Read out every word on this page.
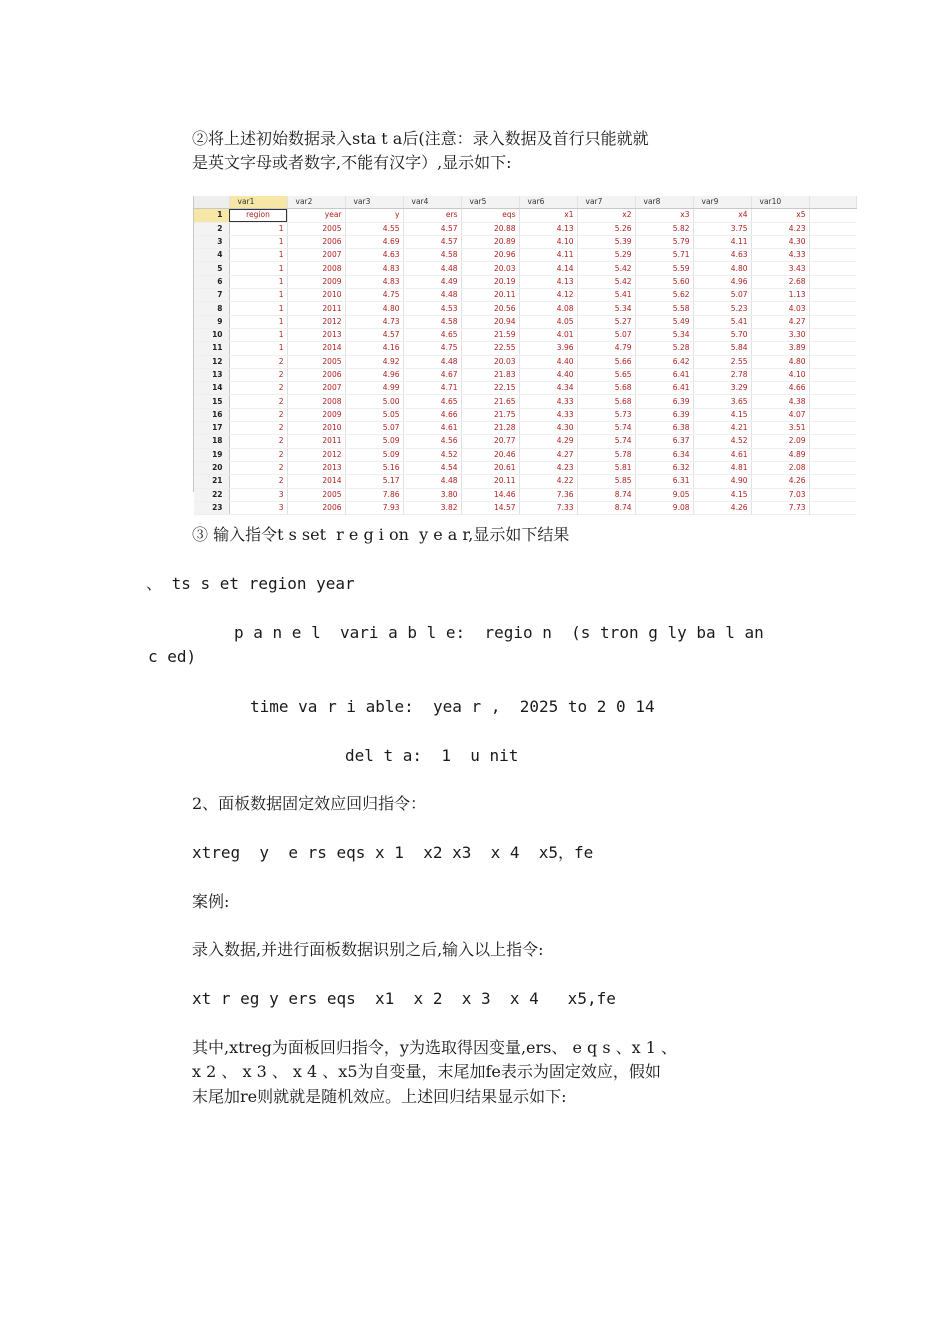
②将上述初始数据录入sta t a后(注意：录入数据及首行只能就就

是英文字母或者数字,不能有汉字）,显示如下:

	var1	var2	var3	var4	var5	var6	var7	var8	var9	var10	
1	region	year	y	ers	eqs	x1	x2	x3	x4	x5	
2	1	2005	4.55	4.57	20.88	4.13	5.26	5.82	3.75	4.23	
3	1	2006	4.69	4.57	20.89	4.10	5.39	5.79	4.11	4.30	
4	1	2007	4.63	4.58	20.96	4.11	5.29	5.71	4.63	4.33	
5	1	2008	4.83	4.48	20.03	4.14	5.42	5.59	4.80	3.43	
6	1	2009	4.83	4.49	20.19	4.13	5.42	5.60	4.96	2.68	
7	1	2010	4.75	4.48	20.11	4.12	5.41	5.62	5.07	1.13	
8	1	2011	4.80	4.53	20.56	4.08	5.34	5.58	5.23	4.03	
9	1	2012	4.73	4.58	20.94	4.05	5.27	5.49	5.41	4.27	
10	1	2013	4.57	4.65	21.59	4.01	5.07	5.34	5.70	3.30	
11	1	2014	4.16	4.75	22.55	3.96	4.79	5.28	5.84	3.89	
12	2	2005	4.92	4.48	20.03	4.40	5.66	6.42	2.55	4.80	
13	2	2006	4.96	4.67	21.83	4.40	5.65	6.41	2.78	4.10	
14	2	2007	4.99	4.71	22.15	4.34	5.68	6.41	3.29	4.66	
15	2	2008	5.00	4.65	21.65	4.33	5.68	6.39	3.65	4.38	
16	2	2009	5.05	4.66	21.75	4.33	5.73	6.39	4.15	4.07	
17	2	2010	5.07	4.61	21.28	4.30	5.74	6.38	4.21	3.51	
18	2	2011	5.09	4.56	20.77	4.29	5.74	6.37	4.52	2.09	
19	2	2012	5.09	4.52	20.46	4.27	5.78	6.34	4.61	4.89	
20	2	2013	5.16	4.54	20.61	4.23	5.81	6.32	4.81	2.08	
21	2	2014	5.17	4.48	20.11	4.22	5.85	6.31	4.90	4.26	
22	3	2005	7.86	3.80	14.46	7.36	8.74	9.05	4.15	7.03	
23	3	2006	7.93	3.82	14.57	7.33	8.74	9.08	4.26	7.73	

③ 输入指令t s set  r e g i on  y e a r,显示如下结果

、 ts s et region year

p a n e l  vari a b l e:  regio n  (s tron g ly ba l an

c ed)

time va r i able:  yea r ,  2025 to 2 0 14

del t a:  1  u nit

2、面板数据固定效应回归指令：

xtreg  y  e rs eqs x 1  x2 x3  x 4  x5，fe

案例:

录入数据,并进行面板数据识别之后,输入以上指令:

xt r eg y ers eqs  x1  x 2  x 3  x 4   x5,fe

其中,xtreg为面板回归指令，y为选取得因变量,ers、 e q s 、x 1 、

x 2 、 x 3 、 x 4 、x5为自变量，末尾加fe表示为固定效应，假如

末尾加re则就就是随机效应。上述回归结果显示如下:
